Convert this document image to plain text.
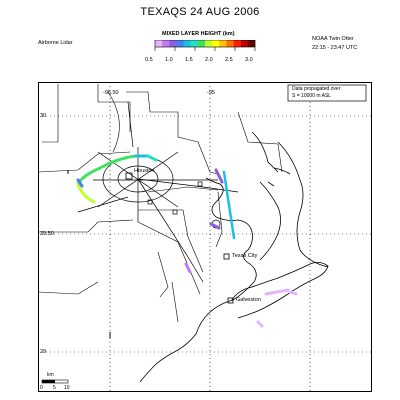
TEXAQS 24 AUG 2006
Airborne Lidar
NOAA Twin Otter
22:15 - 23:47 UTC
MIXED LAYER HEIGHT (km)
0.5 1.0 1.5 2.0 2.5 3.0
-95.50	-95
30
29.50
29
Houston
Texas City
Galveston
Data propagated over
S = 10000 m ASL
km
0 5 10
